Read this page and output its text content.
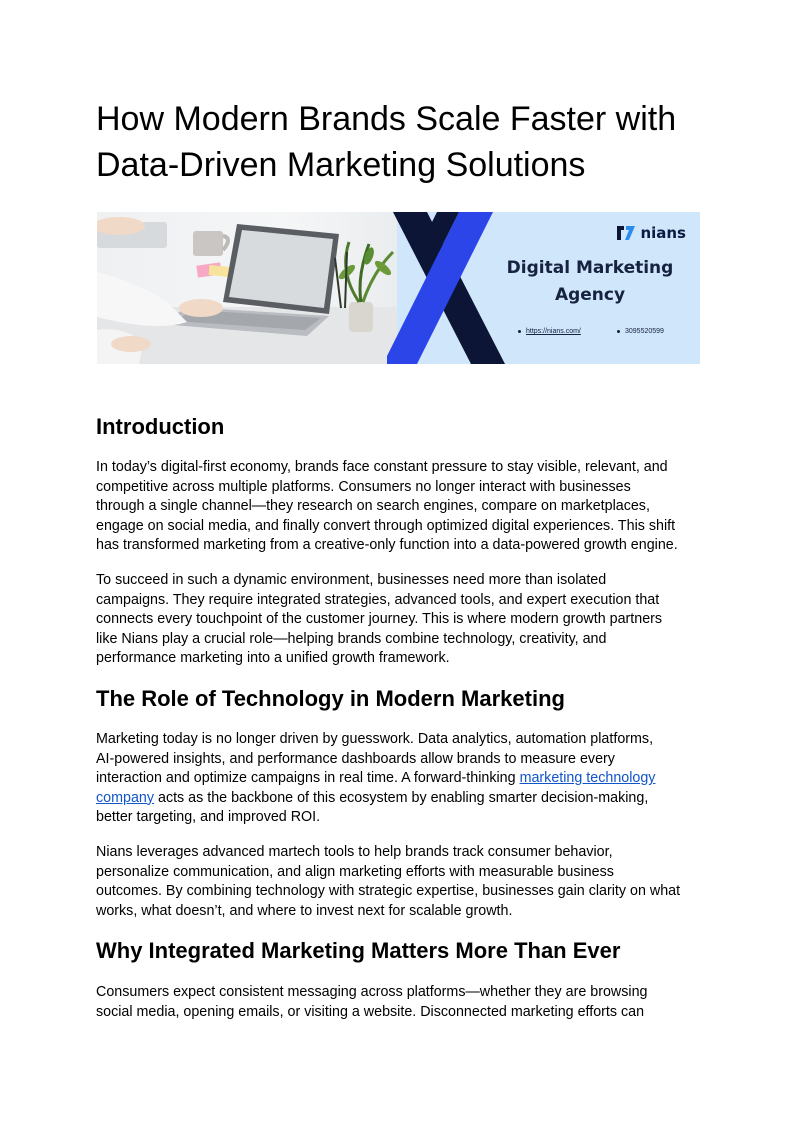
How Modern Brands Scale Faster with Data-Driven Marketing Solutions
nians
Digital Marketing
Agency
https://nians.com/	3095520599
Introduction
In today’s digital-first economy, brands face constant pressure to stay visible, relevant, and
competitive across multiple platforms. Consumers no longer interact with businesses
through a single channel—they research on search engines, compare on marketplaces,
engage on social media, and finally convert through optimized digital experiences. This shift
has transformed marketing from a creative-only function into a data-powered growth engine.
To succeed in such a dynamic environment, businesses need more than isolated
campaigns. They require integrated strategies, advanced tools, and expert execution that
connects every touchpoint of the customer journey. This is where modern growth partners
like Nians play a crucial role—helping brands combine technology, creativity, and
performance marketing into a unified growth framework.
The Role of Technology in Modern Marketing
Marketing today is no longer driven by guesswork. Data analytics, automation platforms,
AI-powered insights, and performance dashboards allow brands to measure every
interaction and optimize campaigns in real time. A forward-thinking marketing technology
company acts as the backbone of this ecosystem by enabling smarter decision-making,
better targeting, and improved ROI.
Nians leverages advanced martech tools to help brands track consumer behavior,
personalize communication, and align marketing efforts with measurable business
outcomes. By combining technology with strategic expertise, businesses gain clarity on what
works, what doesn’t, and where to invest next for scalable growth.
Why Integrated Marketing Matters More Than Ever
Consumers expect consistent messaging across platforms—whether they are browsing
social media, opening emails, or visiting a website. Disconnected marketing efforts can
